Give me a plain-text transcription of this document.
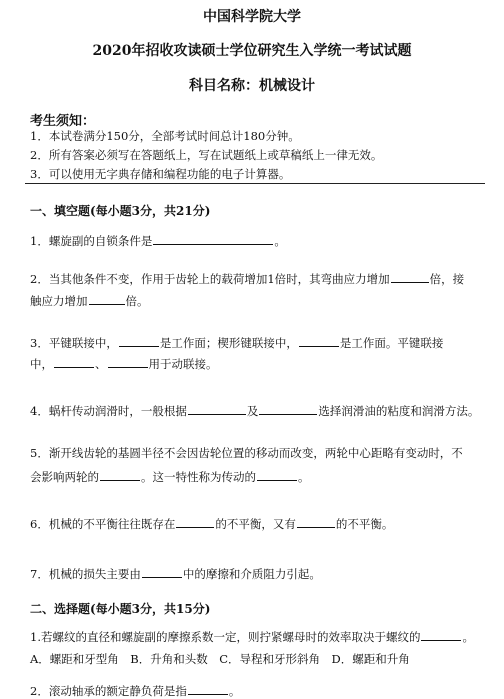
中国科学院大学
2020年招收攻读硕士学位研究生入学统一考试试题
科目名称：机械设计
考生须知：
1．本试卷满分150分，全部考试时间总计180分钟。
2．所有答案必须写在答题纸上，写在试题纸上或草稿纸上一律无效。
3．可以使用无字典存储和编程功能的电子计算器。
一、填空题(每小题3分，共21分)
1．螺旋副的自锁条件是	。
2．当其他条件不变，作用于齿轮上的载荷增加1倍时，其弯曲应力增加	倍，接
触应力增加	倍。
3．平键联接中，	是工作面；楔形键联接中，	是工作面。平键联接
中，	、	用于动联接。
4．蜗杆传动润滑时，一般根据	及	选择润滑油的粘度和润滑方法。
5．渐开线齿轮的基圆半径不会因齿轮位置的移动而改变，两轮中心距略有变动时，不
会影响两轮的	。这一特性称为传动的	。
6．机械的不平衡往往既存在	的不平衡，又有	的不平衡。
7．机械的损失主要由	中的摩擦和介质阻力引起。
二、选择题(每小题3分，共15分)
1.若螺纹的直径和螺旋副的摩擦系数一定，则拧紧螺母时的效率取决于螺纹的	。
A．螺距和牙型角　B．升角和头数　C．导程和牙形斜角　D．螺距和升角
2．滚动轴承的额定静负荷是指	。
